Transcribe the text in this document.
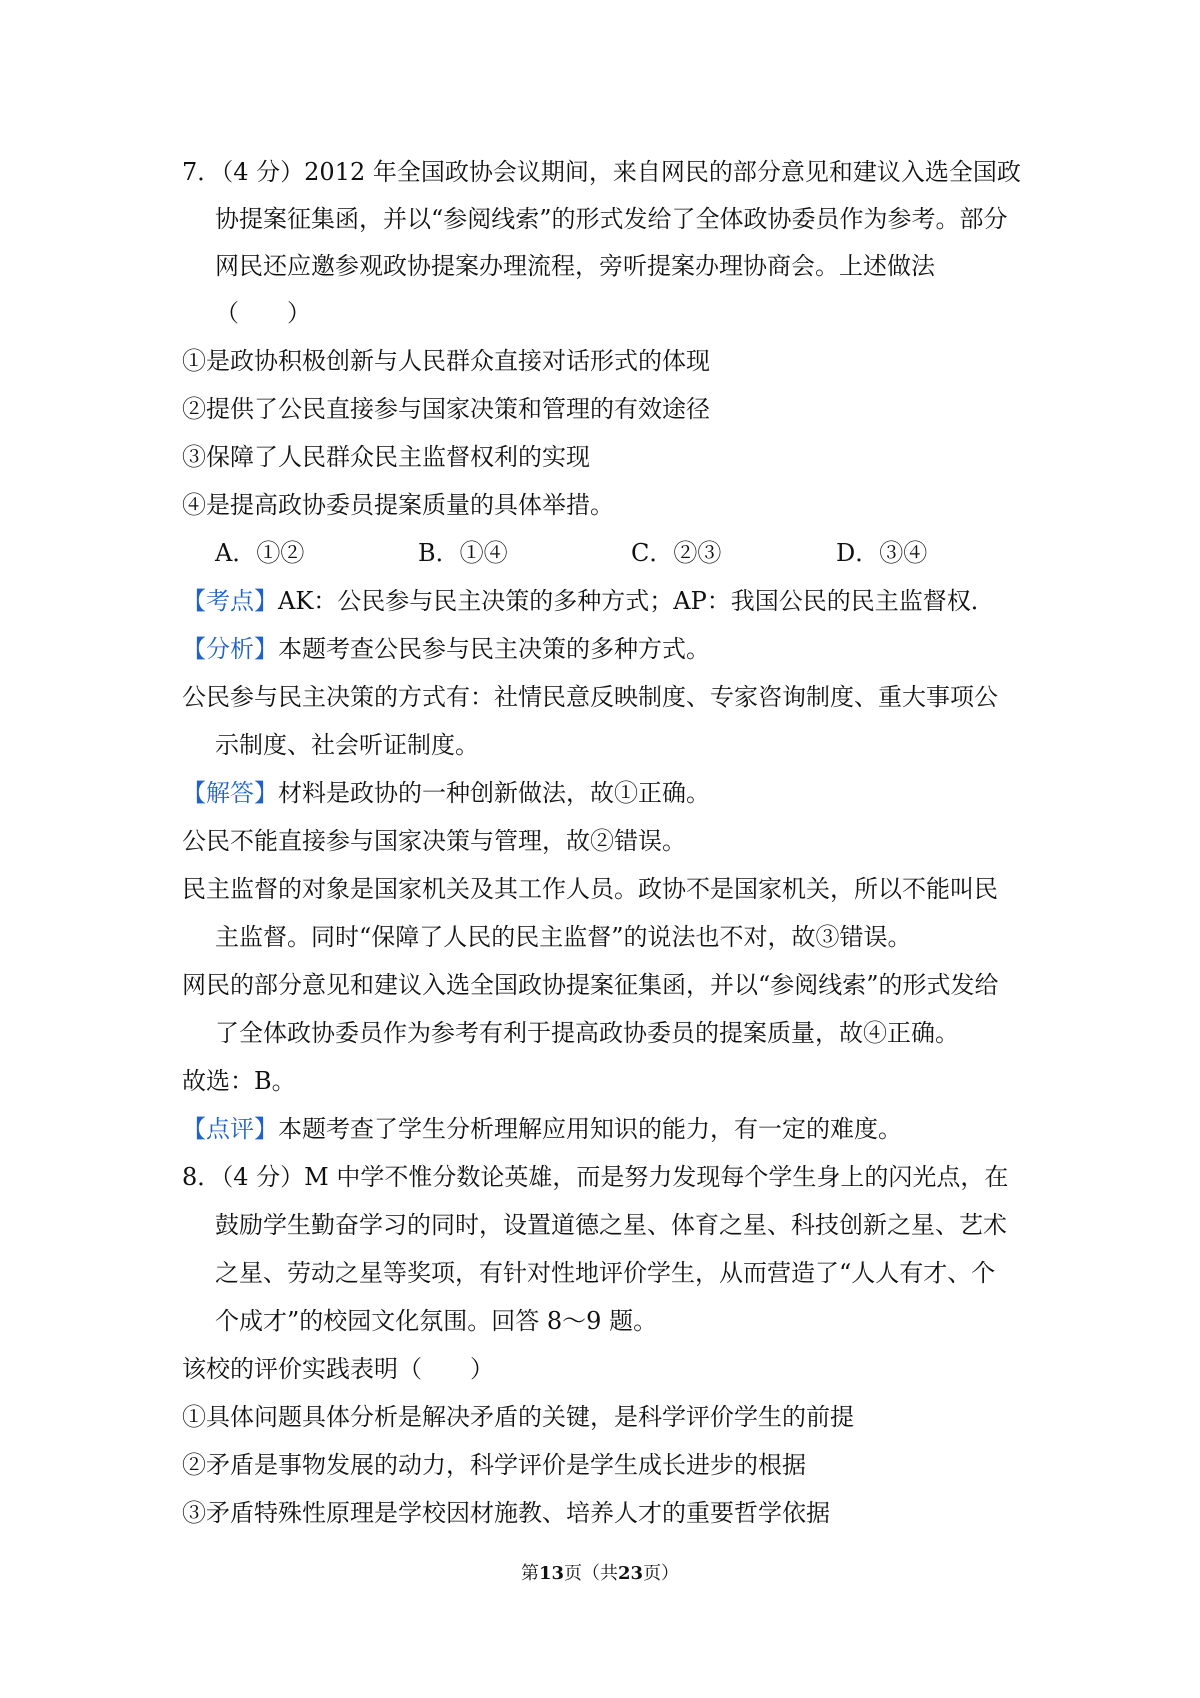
7．（4 分）2012 年全国政协会议期间，来自网民的部分意见和建议入选全国政
协提案征集函，并以“参阅线索”的形式发给了全体政协委员作为参考。部分
网民还应邀参观政协提案办理流程，旁听提案办理协商会。上述做法
（　　）
①是政协积极创新与人民群众直接对话形式的体现
②提供了公民直接参与国家决策和管理的有效途径
③保障了人民群众民主监督权利的实现
④是提高政协委员提案质量的具体举措。
A．①②	B．①④	C．②③	D．③④
【考点】AK：公民参与民主决策的多种方式；AP：我国公民的民主监督权．
【分析】本题考查公民参与民主决策的多种方式。
公民参与民主决策的方式有：社情民意反映制度、专家咨询制度、重大事项公
示制度、社会听证制度。
【解答】材料是政协的一种创新做法，故①正确。
公民不能直接参与国家决策与管理，故②错误。
民主监督的对象是国家机关及其工作人员。政协不是国家机关，所以不能叫民
主监督。同时“保障了人民的民主监督”的说法也不对，故③错误。
网民的部分意见和建议入选全国政协提案征集函，并以“参阅线索”的形式发给
了全体政协委员作为参考有利于提高政协委员的提案质量，故④正确。
故选：B。
【点评】本题考查了学生分析理解应用知识的能力，有一定的难度。
8．（4 分）M 中学不惟分数论英雄，而是努力发现每个学生身上的闪光点，在
鼓励学生勤奋学习的同时，设置道德之星、体育之星、科技创新之星、艺术
之星、劳动之星等奖项，有针对性地评价学生，从而营造了“人人有才、个
个成才”的校园文化氛围。回答 8～9 题。
该校的评价实践表明（　　）
①具体问题具体分析是解决矛盾的关键，是科学评价学生的前提
②矛盾是事物发展的动力，科学评价是学生成长进步的根据
③矛盾特殊性原理是学校因材施教、培养人才的重要哲学依据
第13页（共23页）
